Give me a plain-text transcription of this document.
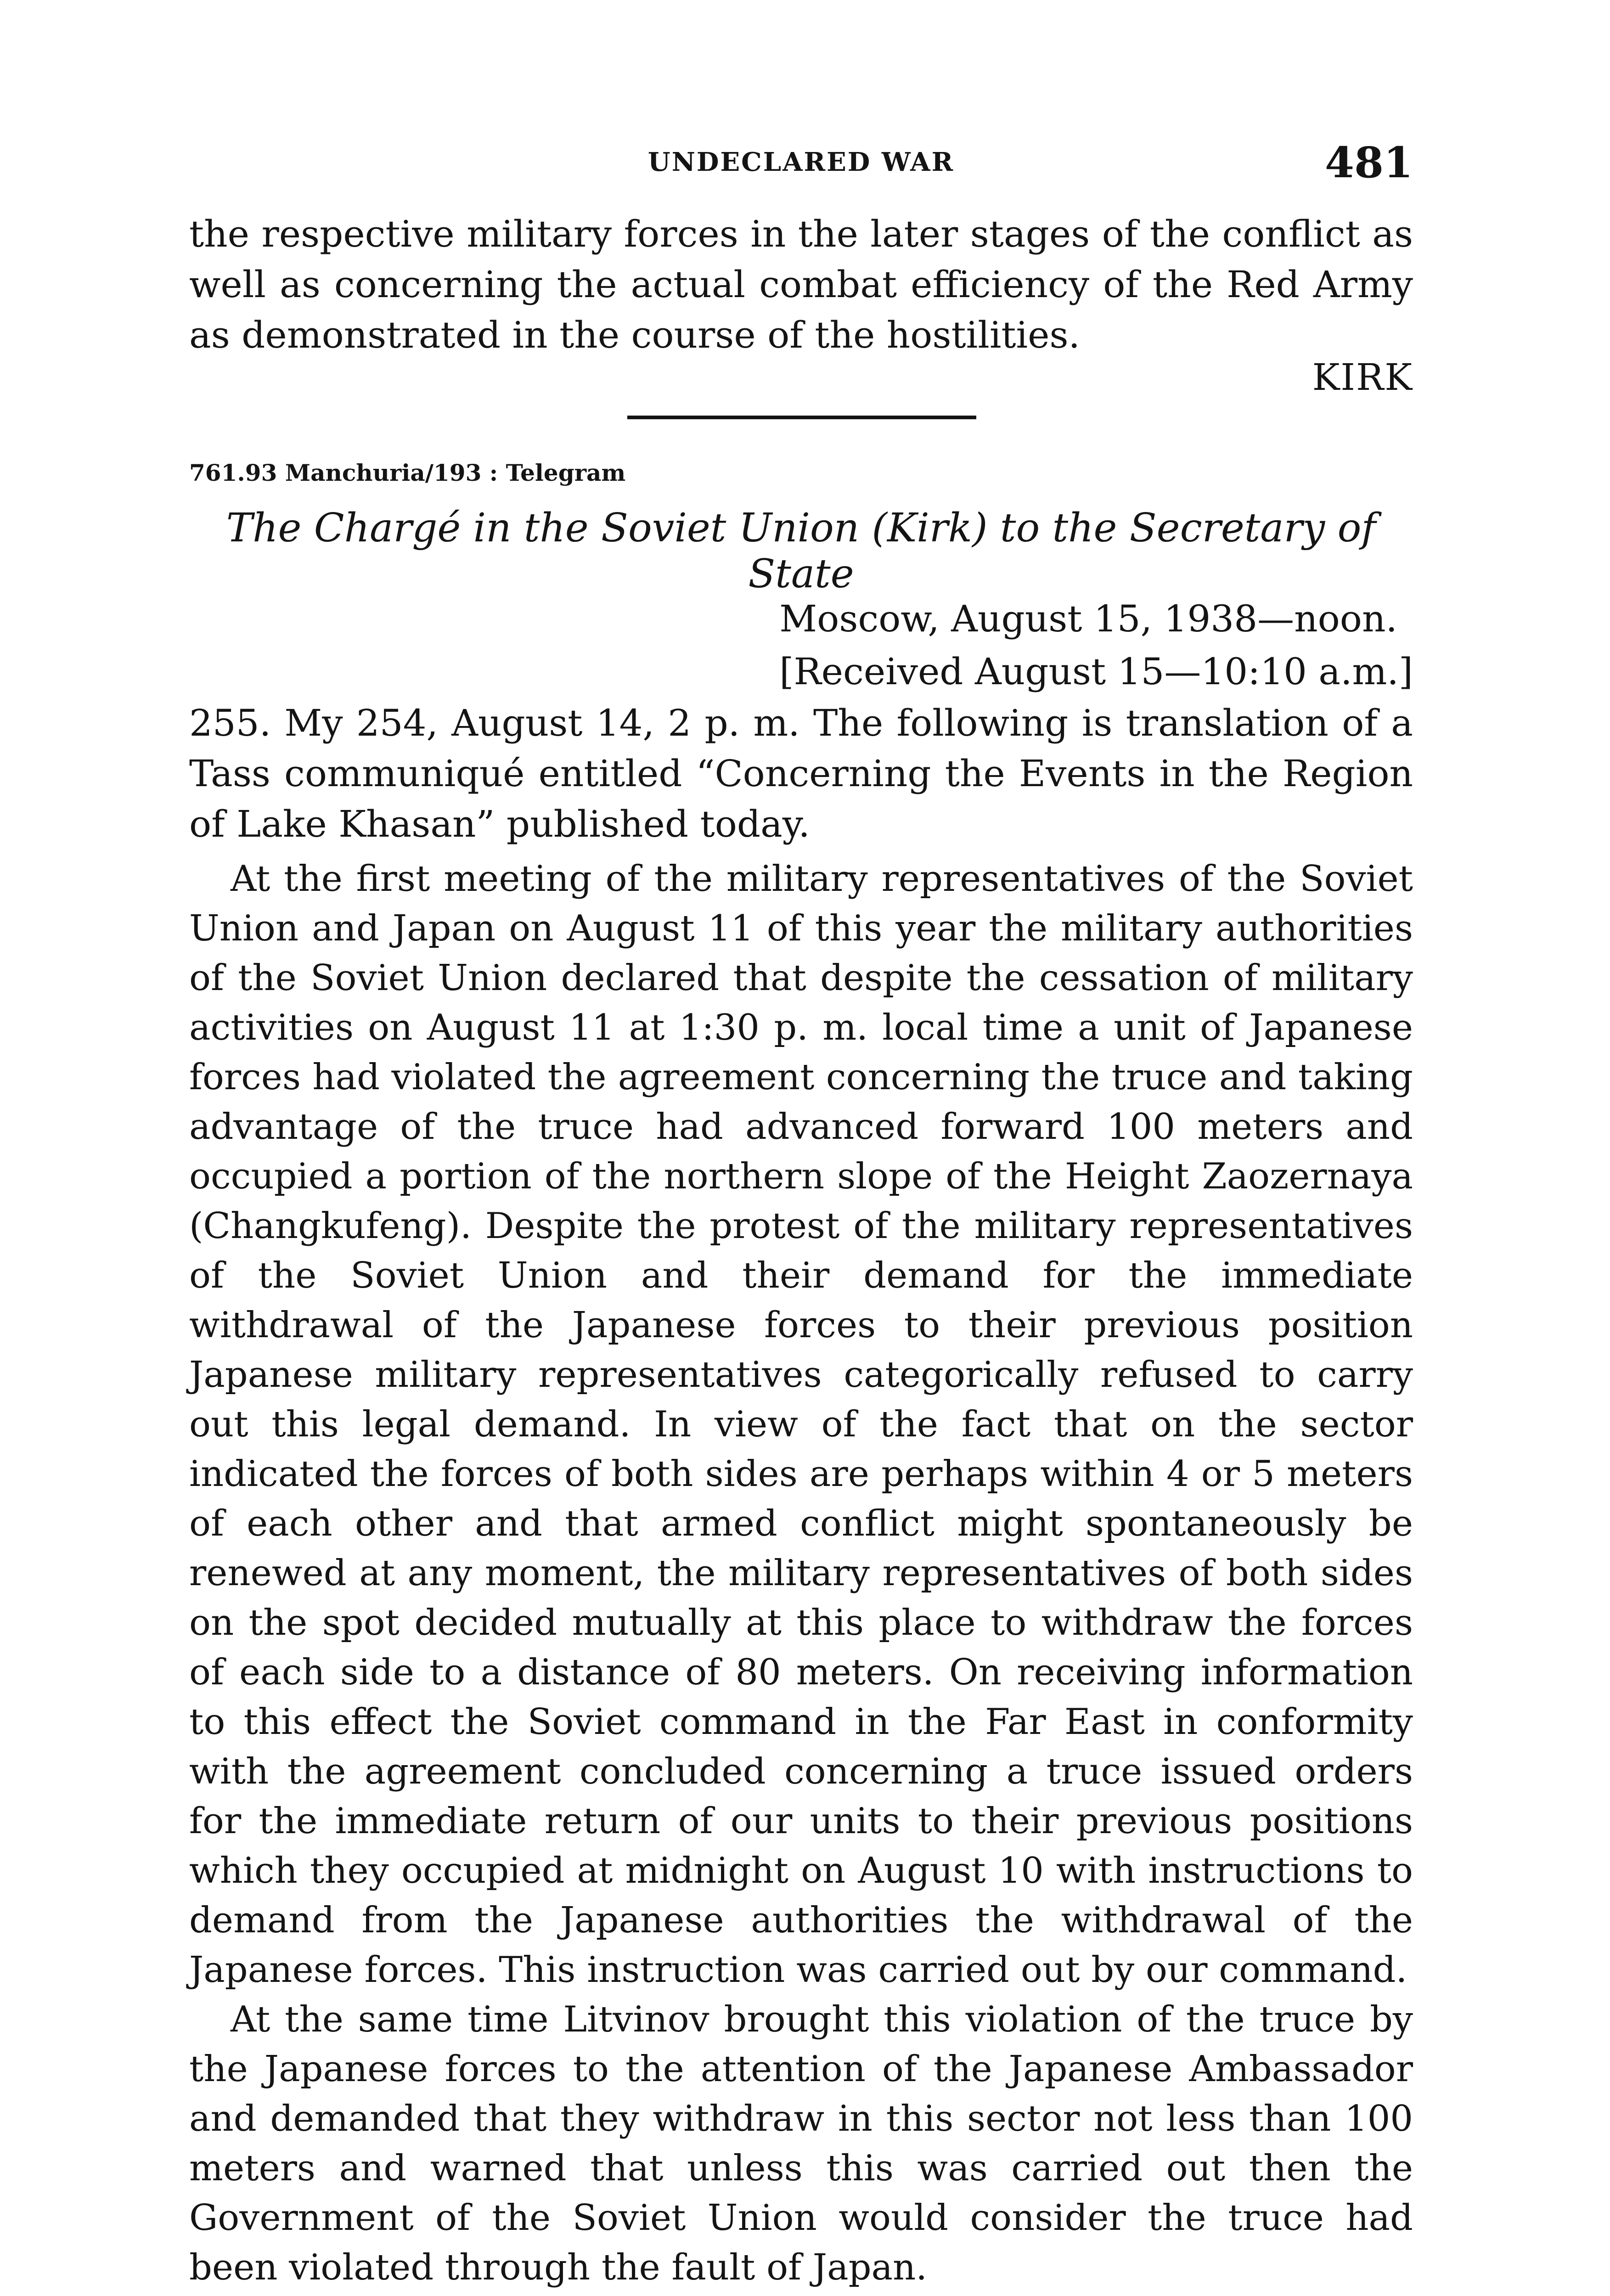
UNDECLARED WAR	481

the respective military forces in the later stages of the conflict as well as concerning the actual combat efficiency of the Red Army as demonstrated in the course of the hostilities.

KIRK
761.93 Manchuria/193 : Telegram
The Chargé in the Soviet Union (Kirk) to the Secretary of State
Moscow, August 15, 1938—noon.
[Received August 15—10:10 a.m.]

255. My 254, August 14, 2 p. m. The following is translation of a Tass communiqué entitled “Concerning the Events in the Region of Lake Khasan” published today.

At the first meeting of the military representatives of the Soviet Union and Japan on August 11 of this year the military authorities of the Soviet Union declared that despite the cessation of military activities on August 11 at 1:30 p. m. local time a unit of Japanese forces had violated the agreement concerning the truce and taking advantage of the truce had advanced forward 100 meters and occupied a portion of the northern slope of the Height Zaozernaya (Changkufeng). Despite the protest of the military representatives of the Soviet Union and their demand for the immediate withdrawal of the Japanese forces to their previous position Japanese military representatives categorically refused to carry out this legal demand. In view of the fact that on the sector indicated the forces of both sides are perhaps within 4 or 5 meters of each other and that armed conflict might spontaneously be renewed at any moment, the military representatives of both sides on the spot decided mutually at this place to withdraw the forces of each side to a distance of 80 meters. On receiving information to this effect the Soviet command in the Far East in conformity with the agreement concluded concerning a truce issued orders for the immediate return of our units to their previous positions which they occupied at midnight on August 10 with instructions to demand from the Japanese authorities the withdrawal of the Japanese forces. This instruction was carried out by our command.

At the same time Litvinov brought this violation of the truce by the Japanese forces to the attention of the Japanese Ambassador and demanded that they withdraw in this sector not less than 100 meters and warned that unless this was carried out then the Government of the Soviet Union would consider the truce had been violated through the fault of Japan.
